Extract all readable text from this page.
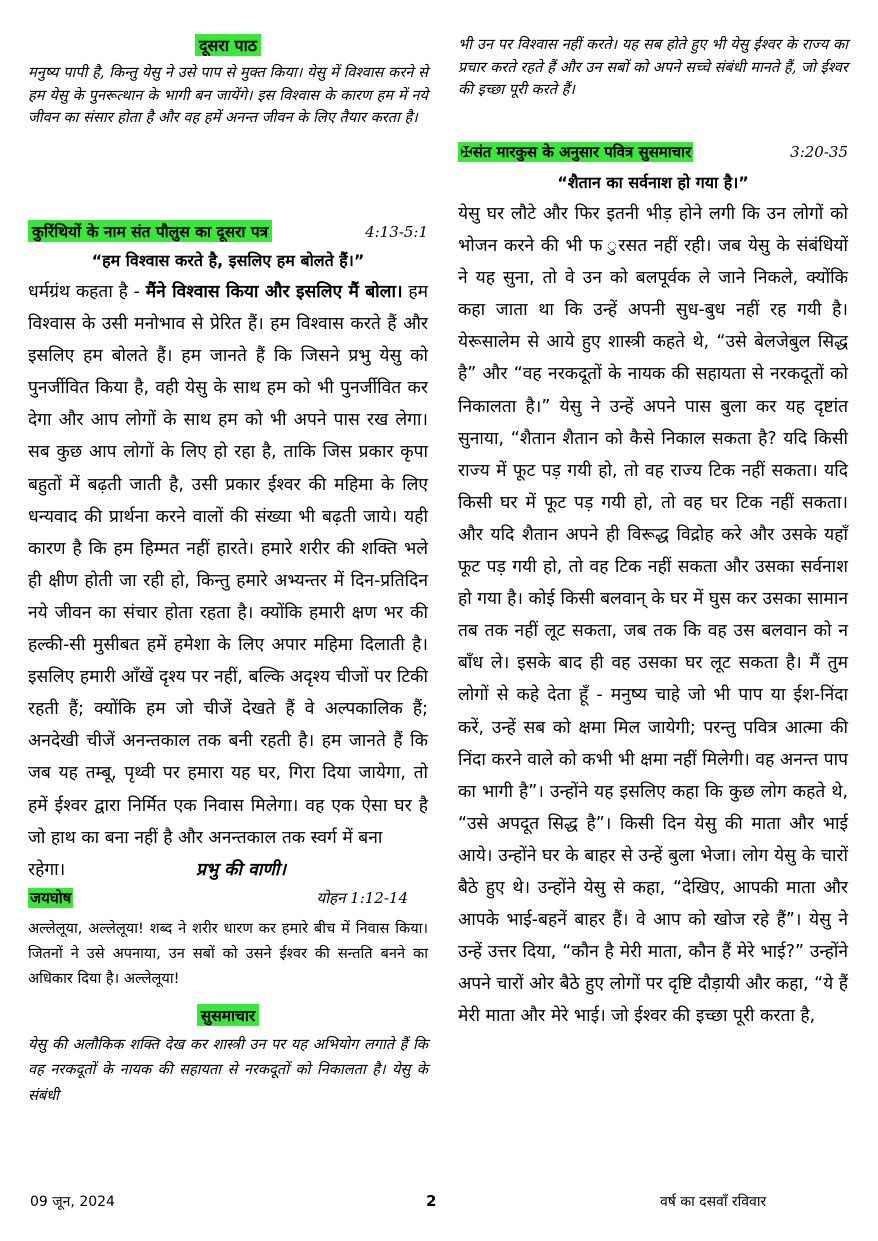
दूसरा पाठ

मनुष्य पापी है, किन्तु येसु ने उसे पाप से मुक्त किया। येसु में विश्वास करने से हम येसु के पुनरूत्थान के भागी बन जायेंगे। इस विश्वास के कारण हम में नये जीवन का संसार होता है और वह हमें अनन्त जीवन के लिए तैयार करता है।

कुरिंथियों के नाम संत पौलुस का दूसरा पत्र	4:13-5:1
“हम विश्वास करते है, इसलिए हम बोलते हैं।”

धर्मग्रंथ कहता है - मैंने विश्वास किया और इसलिए मैं बोला। हम विश्वास के उसी मनोभाव से प्रेरित हैं। हम विश्वास करते हैं और इसलिए हम बोलते हैं। हम जानते हैं कि जिसने प्रभु येसु को पुनर्जीवित किया है, वही येसु के साथ हम को भी पुनर्जीवित कर देगा और आप लोगों के साथ हम को भी अपने पास रख लेगा। सब कुछ आप लोगों के लिए हो रहा है, ताकि जिस प्रकार कृपा बहुतों में बढ़ती जाती है, उसी प्रकार ईश्वर की महिमा के लिए धन्यवाद की प्रार्थना करने वालों की संख्या भी बढ़ती जाये। यही कारण है कि हम हिम्मत नहीं हारते। हमारे शरीर की शक्ति भले ही क्षीण होती जा रही हो, किन्तु हमारे अभ्यन्तर में दिन-प्रतिदिन नये जीवन का संचार होता रहता है। क्योंकि हमारी क्षण भर की हल्की-सी मुसीबत हमें हमेशा के लिए अपार महिमा दिलाती है। इसलिए हमारी आँखें दृश्य पर नहीं, बल्कि अदृश्य चीजों पर टिकी रहती हैं; क्योंकि हम जो चीजें देखते हैं वे अल्पकालिक हैं; अनदेखी चीजें अनन्तकाल तक बनी रहती है। हम जानते हैं कि जब यह तम्बू, पृथ्वी पर हमारा यह घर, गिरा दिया जायेगा, तो हमें ईश्वर द्वारा निर्मित एक निवास मिलेगा। वह एक ऐसा घर है जो हाथ का बना नहीं है और अनन्तकाल तक स्वर्ग में बना

रहेगा।	प्रभु की वाणी।
जयघोष	योहन 1:12-14

अल्लेलूया, अल्लेलूया! शब्द ने शरीर धारण कर हमारे बीच में निवास किया। जितनों ने उसे अपनाया, उन सबों को उसने ईश्वर की सन्तति बनने का अधिकार दिया है। अल्लेलूया!

सुसमाचार

येसु की अलौकिक शक्ति देख कर शास्त्री उन पर यह अभियोग लगाते हैं कि वह नरकदूतों के नायक की सहायता से नरकदूतों को निकालता है। येसु के संबंधी

भी उन पर विश्वास नहीं करते। यह सब होते हुए भी येसु ईश्वर के राज्य का प्रचार करते रहते हैं और उन सबों को अपने सच्चे संबंधी मानते हैं, जो ईश्वर की इच्छा पूरी करते हैं।

✠संत मारकुस के अनुसार पवित्र सुसमाचार	3:20-35
“शैतान का सर्वनाश हो गया है।”

येसु घर लौटे और फिर इतनी भीड़ होने लगी कि उन लोगों को भोजन करने की भी फ ुरसत नहीं रही। जब येसु के संबंधियों ने यह सुना, तो वे उन को बलपूर्वक ले जाने निकले, क्योंकि कहा जाता था कि उन्हें अपनी सुध-बुध नहीं रह गयी है। येरूसालेम से आये हुए शास्त्री कहते थे, “उसे बेलजेबुल सिद्ध है” और “वह नरकदूतों के नायक की सहायता से नरकदूतों को निकालता है।” येसु ने उन्हें अपने पास बुला कर यह दृष्टांत सुनाया, “शैतान शैतान को कैसे निकाल सकता है? यदि किसी राज्य में फूट पड़ गयी हो, तो वह राज्य टिक नहीं सकता। यदि किसी घर में फूट पड़ गयी हो, तो वह घर टिक नहीं सकता। और यदि शैतान अपने ही विरूद्ध विद्रोह करे और उसके यहाँ फूट पड़ गयी हो, तो वह टिक नहीं सकता और उसका सर्वनाश हो गया है। कोई किसी बलवान् के घर में घुस कर उसका सामान तब तक नहीं लूट सकता, जब तक कि वह उस बलवान को न बाँध ले। इसके बाद ही वह उसका घर लूट सकता है। मैं तुम लोगों से कहे देता हूँ - मनुष्य चाहे जो भी पाप या ईश-निंदा करें, उन्हें सब को क्षमा मिल जायेगी; परन्तु पवित्र आत्मा की निंदा करने वाले को कभी भी क्षमा नहीं मिलेगी। वह अनन्त पाप का भागी है”। उन्होंने यह इसलिए कहा कि कुछ लोग कहते थे, “उसे अपदूत सिद्ध है”। किसी दिन येसु की माता और भाई आये। उन्होंने घर के बाहर से उन्हें बुला भेजा। लोग येसु के चारों बैठे हुए थे। उन्होंने येसु से कहा, “देखिए, आपकी माता और आपके भाई-बहनें बाहर हैं। वे आप को खोज रहे हैं”। येसु ने उन्हें उत्तर दिया, “कौन है मेरी माता, कौन हैं मेरे भाई?” उन्होंने अपने चारों ओर बैठे हुए लोगों पर दृष्टि दौड़ायी और कहा, “ये हैं मेरी माता और मेरे भाई। जो ईश्वर की इच्छा पूरी करता है,

09 जून, 2024	2	वर्ष का दसवाँ रविवार
